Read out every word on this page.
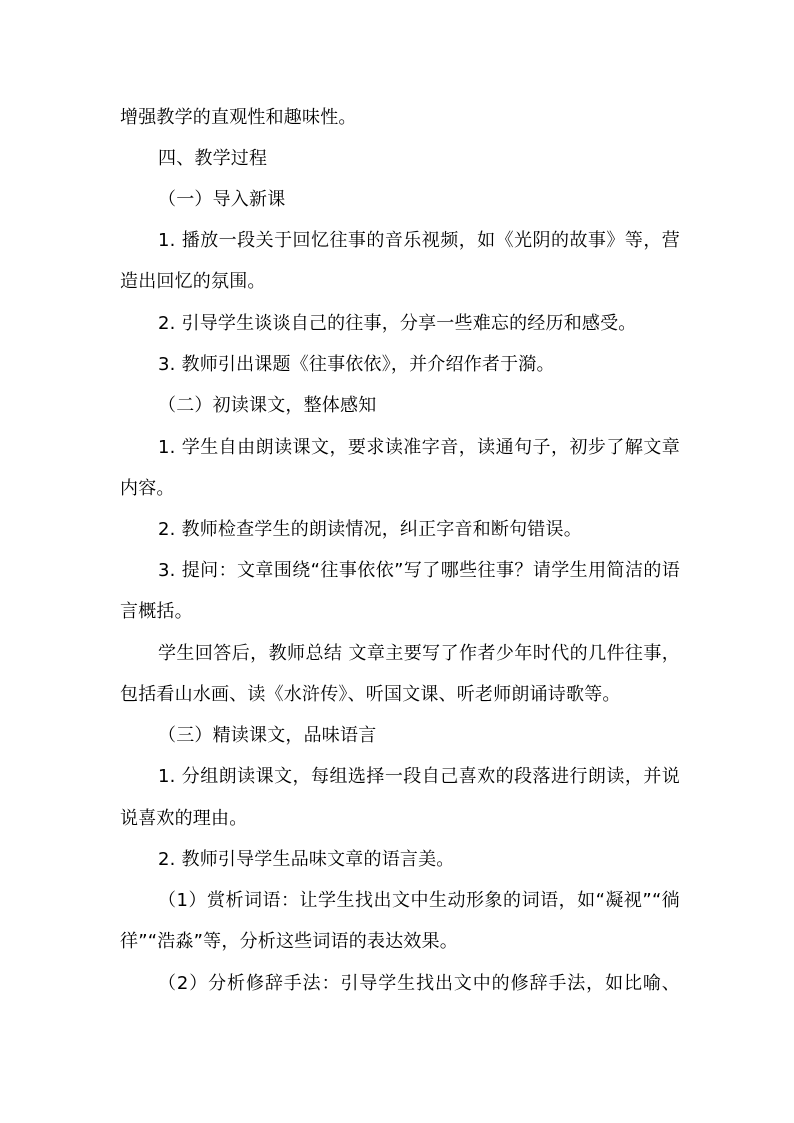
增强教学的直观性和趣味性。
四、教学过程
（一）导入新课
1. 播放一段关于回忆往事的音乐视频，如《光阴的故事》等，营
造出回忆的氛围。
2. 引导学生谈谈自己的往事，分享一些难忘的经历和感受。
3. 教师引出课题《往事依依》，并介绍作者于漪。
（二）初读课文，整体感知
1. 学生自由朗读课文，要求读准字音，读通句子，初步了解文章
内容。
2. 教师检查学生的朗读情况，纠正字音和断句错误。
3. 提问：文章围绕“往事依依”写了哪些往事？请学生用简洁的语
言概括。
学生回答后，教师总结 文章主要写了作者少年时代的几件往事，
包括看山水画、读《水浒传》、听国文课、听老师朗诵诗歌等。
（三）精读课文，品味语言
1. 分组朗读课文，每组选择一段自己喜欢的段落进行朗读，并说
说喜欢的理由。
2. 教师引导学生品味文章的语言美。
（1）赏析词语：让学生找出文中生动形象的词语，如“凝视”“徜
徉”“浩淼”等，分析这些词语的表达效果。
（2）分析修辞手法：引导学生找出文中的修辞手法，如比喻、
